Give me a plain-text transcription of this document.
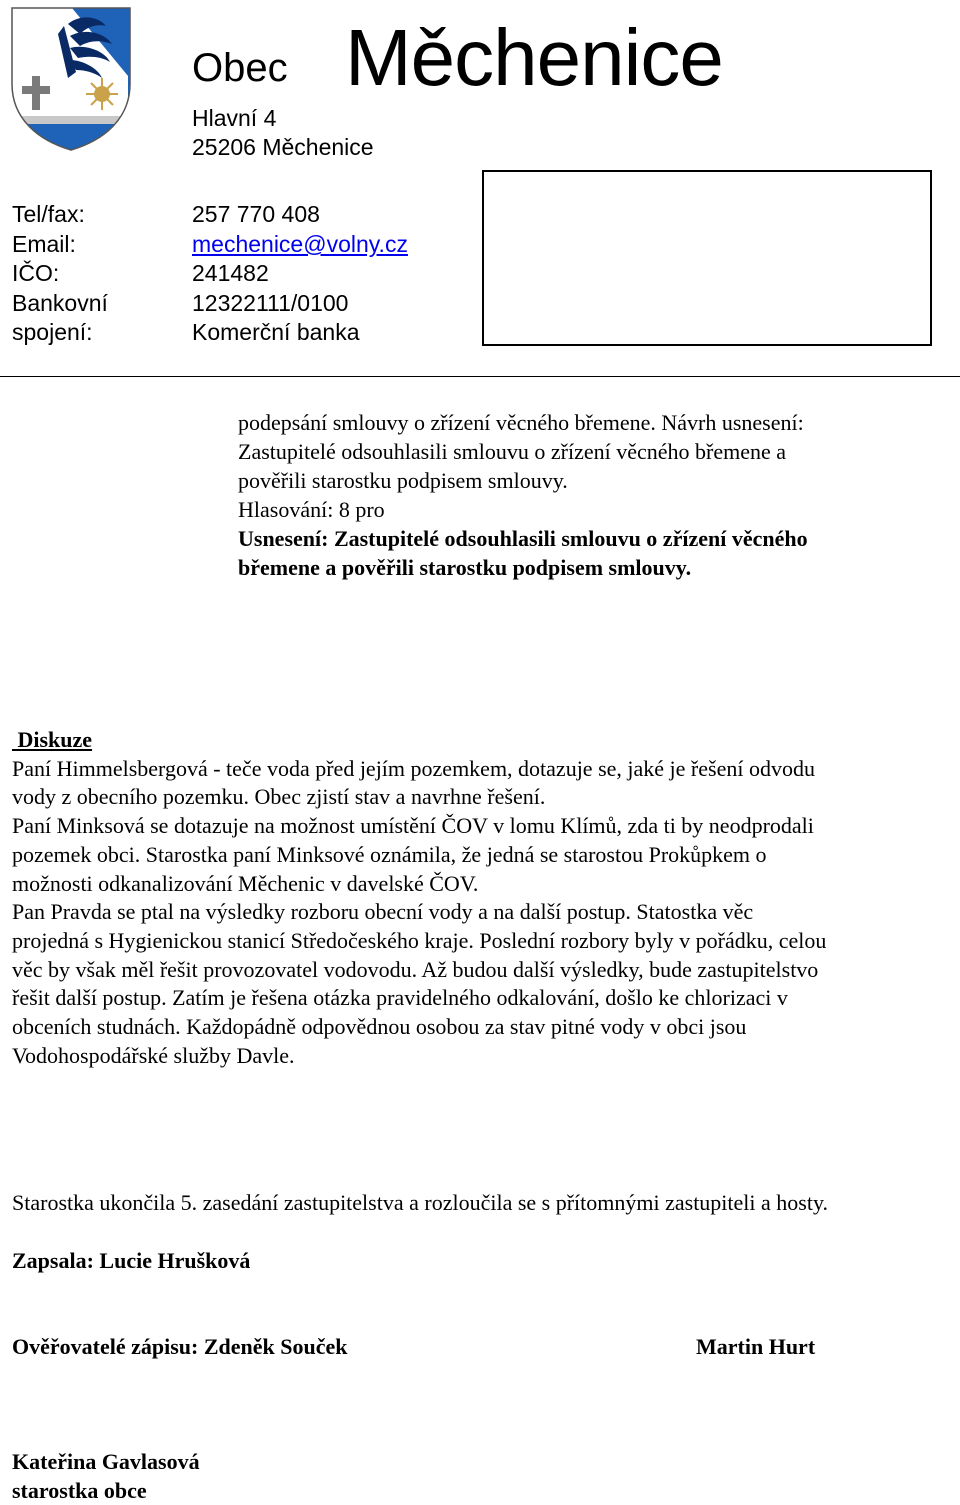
Obec Měchenice
Hlavní 4
25206 Měchenice
Tel/fax:	257 770 408
Email:	mechenice@volny.cz
IČO:	241482
Bankovní	12322111/0100
spojení:	Komerční banka

podepsání smlouvy o zřízení věcného břemene. Návrh usnesení:

Zastupitelé odsouhlasili smlouvu o zřízení věcného břemene a

pověřili starostku podpisem smlouvy.

Hlasování: 8 pro

Usnesení: Zastupitelé odsouhlasili smlouvu o zřízení věcného

břemene a pověřili starostku podpisem smlouvy.

Diskuze

Paní Himmelsbergová - teče voda před jejím pozemkem, dotazuje se, jaké je řešení odvodu

vody z obecního pozemku. Obec zjistí stav a navrhne řešení.

Paní Minksová se dotazuje na možnost umístění ČOV v lomu Klímů, zda ti by neodprodali

pozemek obci. Starostka paní Minksové oznámila, že jedná se starostou Prokůpkem o

možnosti odkanalizování Měchenic v davelské ČOV.

Pan Pravda se ptal na výsledky rozboru obecní vody a na další postup. Statostka věc

projedná s Hygienickou stanicí Středočeského kraje. Poslední rozbory byly v pořádku, celou

věc by však měl řešit provozovatel vodovodu. Až budou další výsledky, bude zastupitelstvo

řešit další postup. Zatím je řešena otázka pravidelného odkalování, došlo ke chlorizaci v

obceních studnách. Každopádně odpovědnou osobou za stav pitné vody v obci jsou

Vodohospodářské služby Davle.

Starostka ukončila 5. zasedání zastupitelstva a rozloučila se s přítomnými zastupiteli a hosty.
Zapsala: Lucie Hrušková
Ověřovatelé zápisu: Zdeněk Souček	Martin Hurt
Kateřina Gavlasová
starostka obce
